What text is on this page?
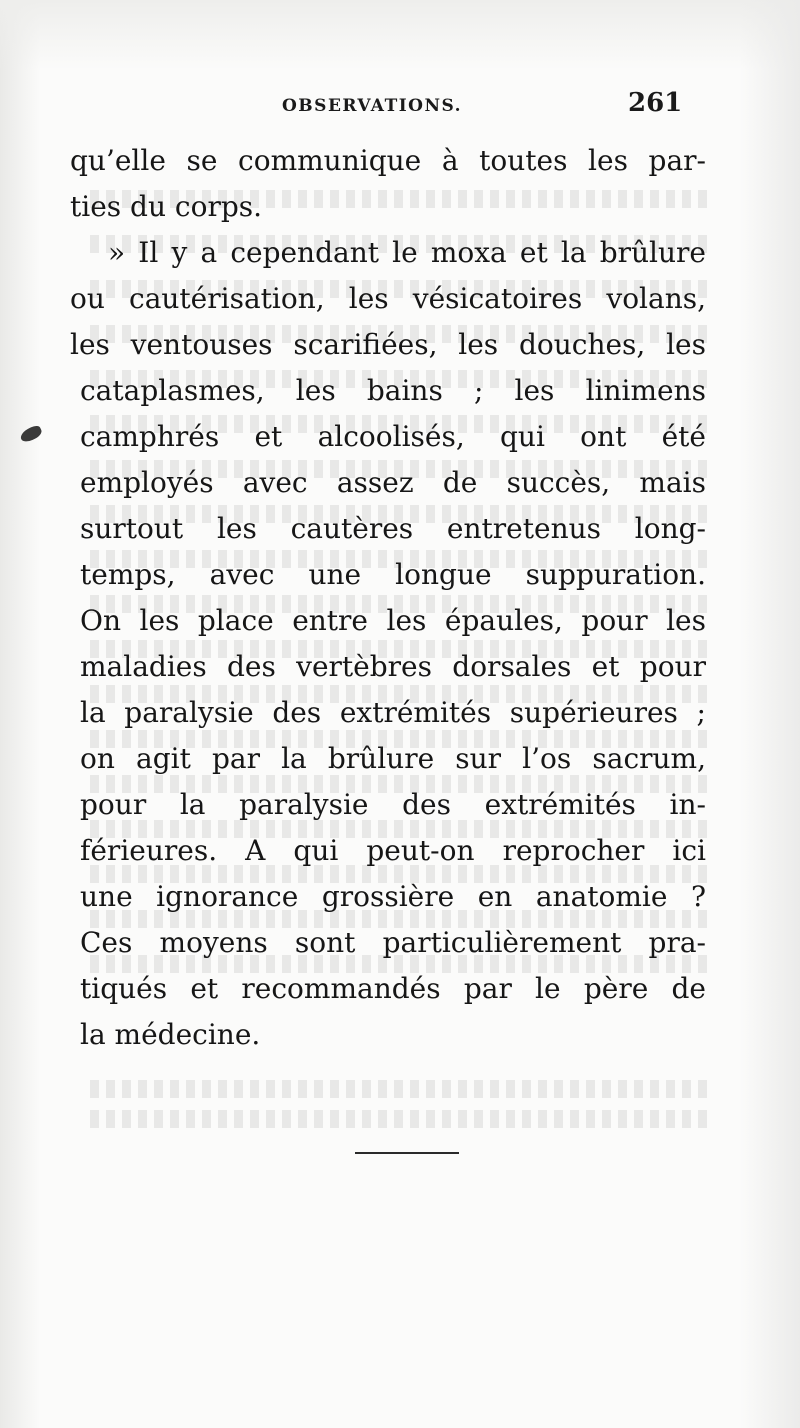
OBSERVATIONS.	261
qu’elle se communique à toutes les par-
ties du corps.
» Il y a cependant le moxa et la brûlure
ou cautérisation, les vésicatoires volans,
les ventouses scarifiées, les douches, les
cataplasmes, les bains ; les linimens
camphrés et alcoolisés, qui ont été
employés avec assez de succès, mais
surtout les cautères entretenus long-
temps, avec une longue suppuration.
On les place entre les épaules, pour les
maladies des vertèbres dorsales et pour
la paralysie des extrémités supérieures ;
on agit par la brûlure sur l’os sacrum,
pour la paralysie des extrémités in-
férieures. A qui peut-on reprocher ici
une ignorance grossière en anatomie ?
Ces moyens sont particulièrement pra-
tiqués et recommandés par le père de
la médecine.
